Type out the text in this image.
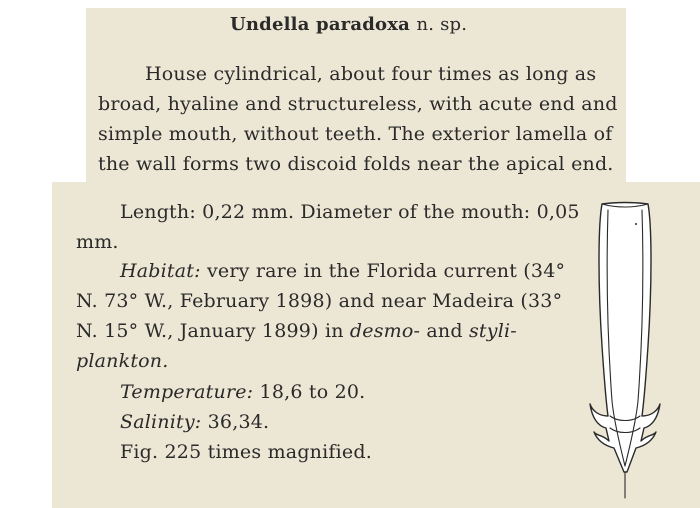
Undella paradoxa n. sp.
House cylindrical, about four times as long as
broad, hyaline and structureless, with acute end and
simple mouth, without teeth. The exterior lamella of
the wall forms two discoid folds near the apical end.
Length: 0,22 mm. Diameter of the mouth: 0,05
mm.
Habitat: very rare in the Florida current (34°
N. 73° W., February 1898) and near Madeira (33°
N. 15° W., January 1899) in desmo- and styli-
plankton.
Temperature: 18,6 to 20.
Salinity: 36,34.
Fig. 225 times magnified.
